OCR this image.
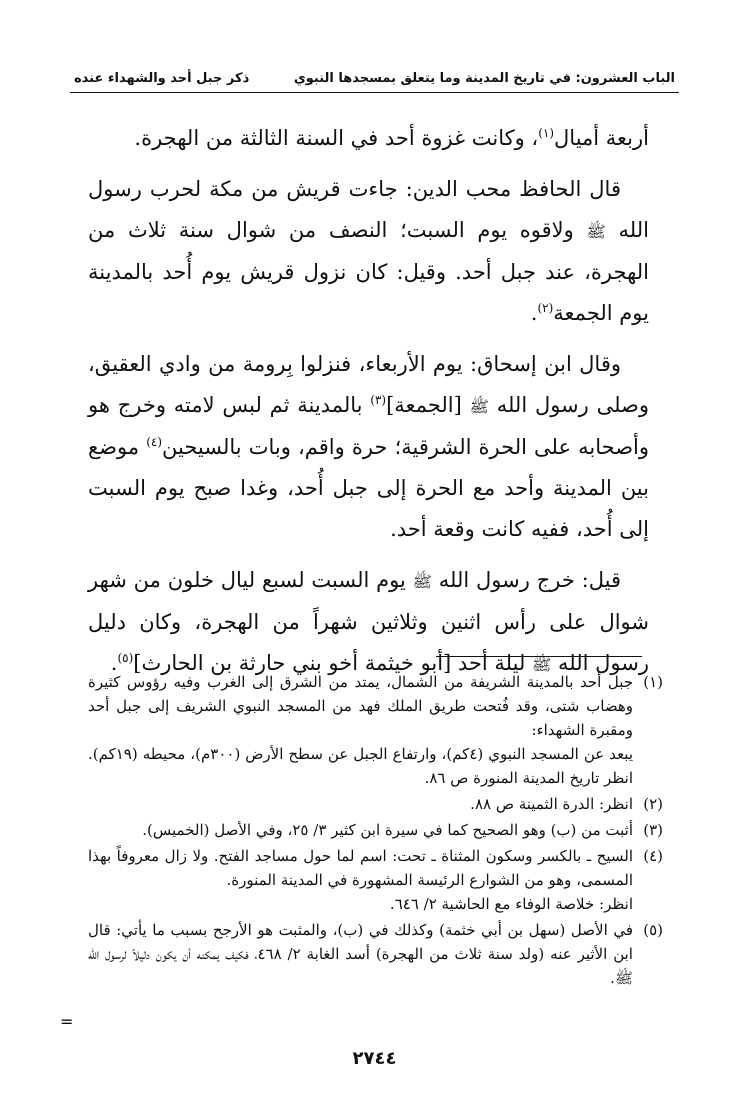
الباب العشرون: في تاريخ المدينة وما يتعلق بمسجدها النبوي
ذكر جبل أحد والشهداء عنده

أربعة أميال$^{(١)}$، وكانت غزوة أحد في السنة الثالثة من الهجرة.

قال الحافظ محب الدين: جاءت قريش من مكة لحرب رسول الله ﷺ ولاقوه يوم السبت؛ النصف من شوال سنة ثلاث من الهجرة، عند جبل أحد. وقيل: كان نزول قريش يوم أُحد بالمدينة يوم الجمعة$^{(٢)}$.

وقال ابن إسحاق: يوم الأربعاء، فنزلوا بِرومة من وادي العقيق، وصلى رسول الله ﷺ [الجمعة]$^{(٣)}$ بالمدينة ثم لبس لامته وخرج هو وأصحابه على الحرة الشرقية؛ حرة واقم، وبات بالسيحين$^{(٤)}$ موضع بين المدينة وأحد مع الحرة إلى جبل أُحد، وغدا صبح يوم السبت إلى أُحد، ففيه كانت وقعة أحد.

قيل: خرج رسول الله ﷺ يوم السبت لسبع ليال خلون من شهر شوال على رأس اثنين وثلاثين شهراً من الهجرة، وكان دليل رسول الله ﷺ ليلة أحد [أبو خيثمة أخو بني حارثة بن الحارث]$^{(٥)}$.

(١)

جبل أحد بالمدينة الشريفة من الشمال، يمتد من الشرق إلى الغرب وفيه رؤوس كثيرة وهضاب شتى، وقد فُتحت طريق الملك فهد من المسجد النبوي الشريف إلى جبل أحد ومقبرة الشهداء:

يبعد عن المسجد النبوي (٤كم)، وارتفاع الجبل عن سطح الأرض (٣٠٠م)، محيطه (١٩كم). انظر تاريخ المدينة المنورة ص ٨٦.

(٢)

انظر: الدرة الثمينة ص ٨٨.

(٣)

أثبت من (ب) وهو الصحيح كما في سيرة ابن كثير ٣/ ٢٥، وفي الأصل (الخميس).

(٤)

السيح ـ بالكسر وسكون المثناة ـ تحت: اسم لما حول مساجد الفتح. ولا زال معروفاً بهذا المسمى، وهو من الشوارع الرئيسة المشهورة في المدينة المنورة.

انظر: خلاصة الوفاء مع الحاشية ٢/ ٦٤٦.

(٥)

في الأصل (سهل بن أبي خثمة) وكذلك في (ب)، والمثبت هو الأرجح بسبب ما يأتي: قال ابن الأثير عنه (ولد سنة ثلاث من الهجرة) أسد الغابة ٢/ ٤٦٨، فكيف يمكنه أن يكون دليلاً لرسول الله ﷺ.

=
٢٧٤٤
